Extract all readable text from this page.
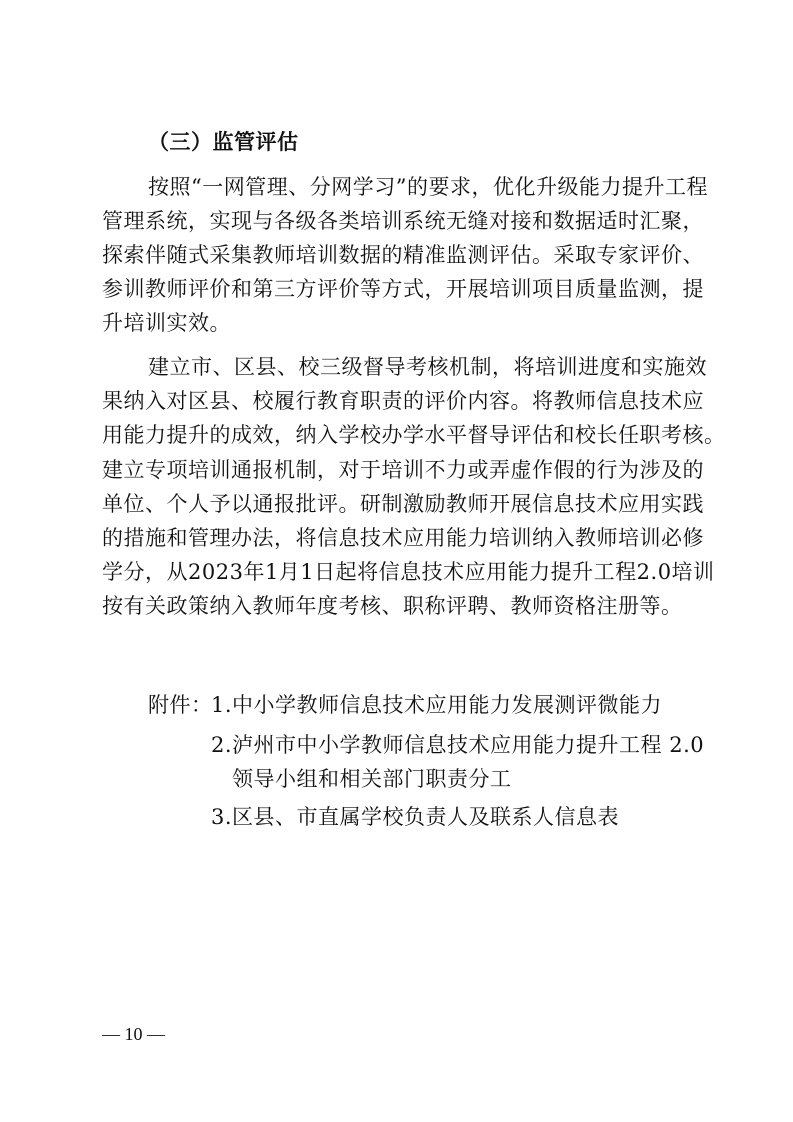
（三）监管评估
按照“一网管理、分网学习”的要求，优化升级能力提升工程
管理系统，实现与各级各类培训系统无缝对接和数据适时汇聚，
探索伴随式采集教师培训数据的精准监测评估。采取专家评价、
参训教师评价和第三方评价等方式，开展培训项目质量监测，提
升培训实效。
建立市、区县、校三级督导考核机制，将培训进度和实施效
果纳入对区县、校履行教育职责的评价内容。将教师信息技术应
用能力提升的成效，纳入学校办学水平督导评估和校长任职考核。
建立专项培训通报机制，对于培训不力或弄虚作假的行为涉及的
单位、个人予以通报批评。研制激励教师开展信息技术应用实践
的措施和管理办法，将信息技术应用能力培训纳入教师培训必修
学分，从2023年1月1日起将信息技术应用能力提升工程2.0培训
按有关政策纳入教师年度考核、职称评聘、教师资格注册等。
附件：
1.中小学教师信息技术应用能力发展测评微能力
2.泸州市中小学教师信息技术应用能力提升工程 2.0
领导小组和相关部门职责分工
3.区县、市直属学校负责人及联系人信息表
— 10 —
